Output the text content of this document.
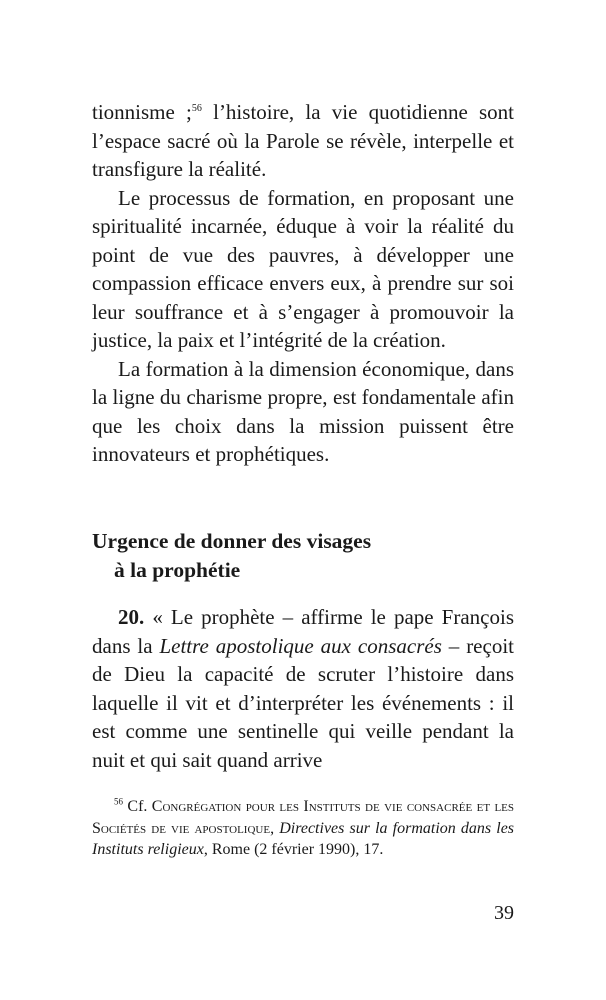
tionnisme ;$^{56}$ l’histoire, la vie quotidienne sont l’espace sacré où la Parole se révèle, interpelle et transfigure la réalité.

Le processus de formation, en proposant une spiritualité incarnée, éduque à voir la réalité du point de vue des pauvres, à développer une compassion efficace envers eux, à prendre sur soi leur souffrance et à s’engager à promouvoir la justice, la paix et l’intégrité de la création.

La formation à la dimension économique, dans la ligne du charisme propre, est fondamentale afin que les choix dans la mission puissent être innovateurs et prophétiques.

Urgence de donner des visages
à la prophétie

20. « Le prophète – affirme le pape François dans la Lettre apostolique aux consacrés – reçoit de Dieu la capacité de scruter l’histoire dans laquelle il vit et d’interpréter les événements : il est comme une sentinelle qui veille pendant la nuit et qui sait quand arrive

$^{56}$ Cf. Congrégation pour les Instituts de vie consacrée et les Sociétés de vie apostolique, Directives sur la formation dans les Instituts religieux, Rome (2 février 1990), 17.
39
